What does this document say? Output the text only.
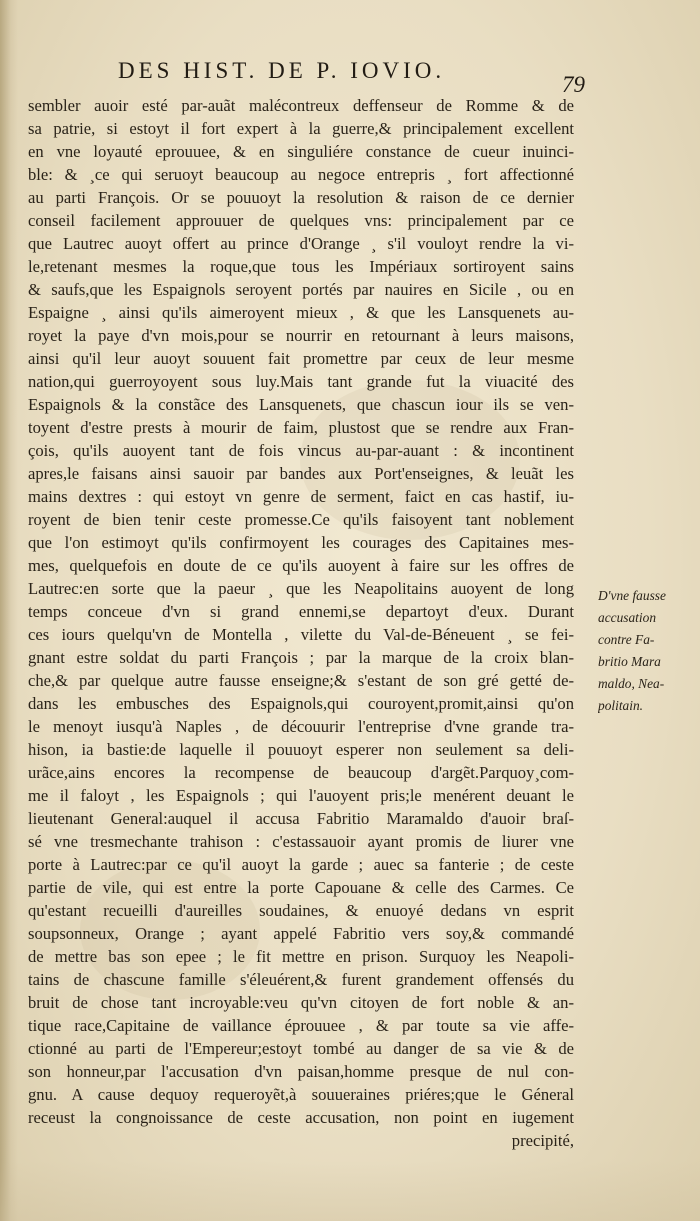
DES HIST. DE P. IOVIO.
79
sembler auoir esté par-auãt malécontreux deffenseur de Romme & de
sa patrie, si estoyt il fort expert à la guerre,& principalement excellent
en vne loyauté eprouuee, & en singuliére constance de cueur inuinci-
ble: & ¸ce qui seruoyt beaucoup au negoce entrepris ¸ fort affectionné
au parti François. Or se pouuoyt la resolution & raison de ce dernier
conseil facilement approuuer de quelques vns: principalement par ce
que Lautrec auoyt offert au prince d'Orange ¸ s'il vouloyt rendre la vi-
le,retenant mesmes la roque,que tous les Impériaux sortiroyent sains
& saufs,que les Espaignols seroyent portés par nauires en Sicile , ou en
Espaigne ¸ ainsi qu'ils aimeroyent mieux , & que les Lansquenets au-
royet la paye d'vn mois,pour se nourrir en retournant à leurs maisons,
ainsi qu'il leur auoyt souuent fait promettre par ceux de leur mesme
nation,qui guerroyoyent sous luy.Mais tant grande fut la viuacité des
Espaignols & la constãce des Lansquenets, que chascun iour ils se ven-
toyent d'estre prests à mourir de faim, plustost que se rendre aux Fran-
çois, qu'ils auoyent tant de fois vincus au-par-auant : & incontinent
apres,le faisans ainsi sauoir par bandes aux Port'enseignes, & leuãt les
mains dextres : qui estoyt vn genre de serment, faict en cas hastif, iu-
royent de bien tenir ceste promesse.Ce qu'ils faisoyent tant noblement
que l'on estimoyt qu'ils confirmoyent les courages des Capitaines mes-
mes, quelquefois en doute de ce qu'ils auoyent à faire sur les offres de
Lautrec:en sorte que la paeur ¸ que les Neapolitains auoyent de long
temps conceue d'vn si grand ennemi,se departoyt d'eux. Durant
ces iours quelqu'vn de Montella , vilette du Val-de-Béneuent ¸ se fei-
gnant estre soldat du parti François ; par la marque de la croix blan-
che,& par quelque autre fausse enseigne;& s'estant de son gré getté de-
dans les embusches des Espaignols,qui couroyent,promit,ainsi qu'on
le menoyt iusqu'à Naples , de découurir l'entreprise d'vne grande tra-
hison, ia bastie:de laquelle il pouuoyt esperer non seulement sa deli-
urãce,ains encores la recompense de beaucoup d'argẽt.Parquoy¸com-
me il faloyt , les Espaignols ; qui l'auoyent pris;le menérent deuant le
lieutenant General:auquel il accusa Fabritio Maramaldo d'auoir braſ-
sé vne tresmechante trahison : c'estassauoir ayant promis de liurer vne
porte à Lautrec:par ce qu'il auoyt la garde ; auec sa fanterie ; de ceste
partie de vile, qui est entre la porte Capouane & celle des Carmes. Ce
qu'estant recueilli d'aureilles soudaines, & enuoyé dedans vn esprit
soupsonneux, Orange ; ayant appelé Fabritio vers soy,& commandé
de mettre bas son epee ; le fit mettre en prison. Surquoy les Neapoli-
tains de chascune famille s'éleuérent,& furent grandement offensés du
bruit de chose tant incroyable:veu qu'vn citoyen de fort noble & an-
tique race,Capitaine de vaillance éprouuee , & par toute sa vie affe-
ctionné au parti de l'Empereur;estoyt tombé au danger de sa vie & de
son honneur,par l'accusation d'vn paisan,homme presque de nul con-
gnu. A cause dequoy requeroyẽt,à souueraines priéres;que le Géneral
receust la congnoissance de ceste accusation, non point en iugement
precipité,
D'vne fausse
accusation
contre Fa-
britio Mara
maldo, Nea-
politain.
